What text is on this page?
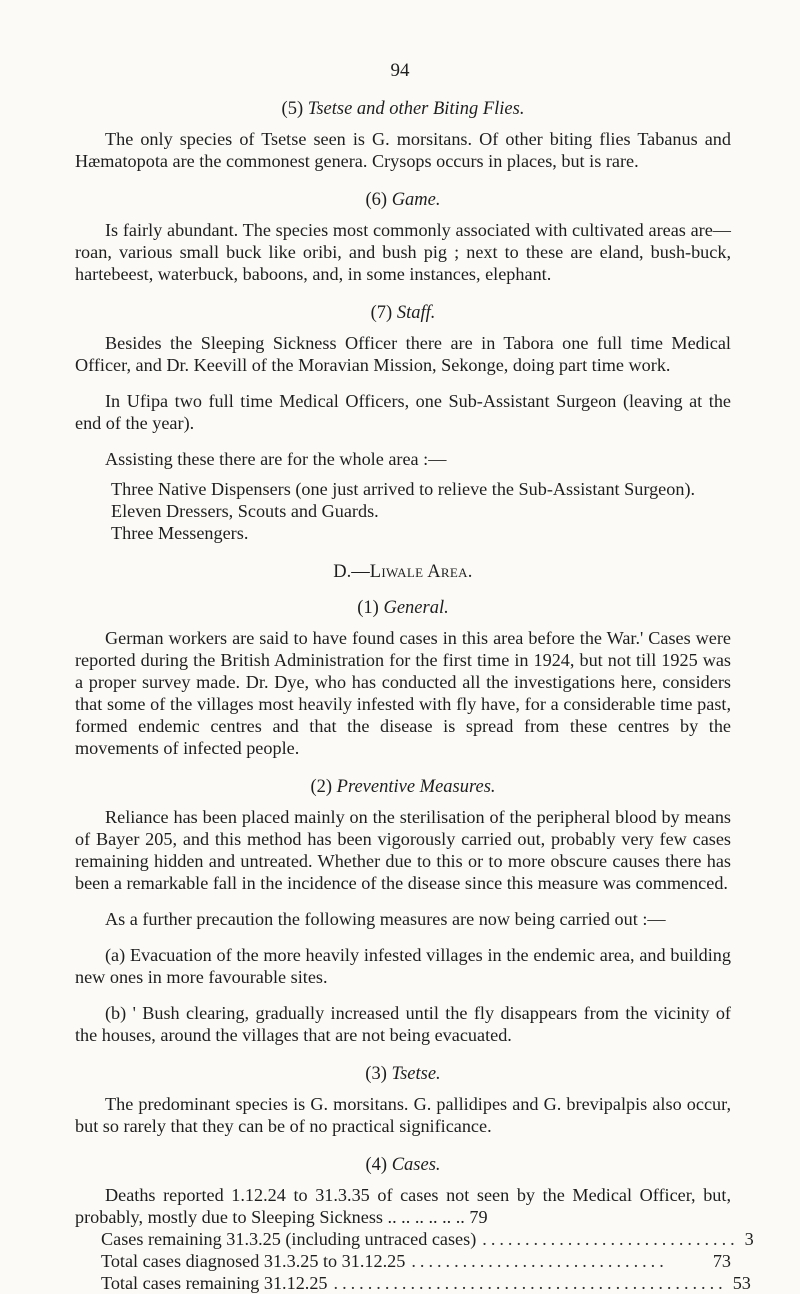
94
(5) Tsetse and other Biting Flies.

The only species of Tsetse seen is G. morsitans. Of other biting flies Tabanus and Hæmatopota are the commonest genera. Crysops occurs in places, but is rare.

(6) Game.

Is fairly abundant. The species most commonly associated with cultivated areas are—roan, various small buck like oribi, and bush pig ; next to these are eland, bush-buck, hartebeest, waterbuck, baboons, and, in some instances, elephant.

(7) Staff.

Besides the Sleeping Sickness Officer there are in Tabora one full time Medical Officer, and Dr. Keevill of the Moravian Mission, Sekonge, doing part time work.

In Ufipa two full time Medical Officers, one Sub-Assistant Surgeon (leaving at the end of the year).

Assisting these there are for the whole area :—

Three Native Dispensers (one just arrived to relieve the Sub-Assistant Surgeon).

Eleven Dressers, Scouts and Guards.

Three Messengers.

D.—Liwale Area.
(1) General.

German workers are said to have found cases in this area before the War.' Cases were reported during the British Administration for the first time in 1924, but not till 1925 was a proper survey made. Dr. Dye, who has conducted all the investigations here, considers that some of the villages most heavily infested with fly have, for a considerable time past, formed endemic centres and that the disease is spread from these centres by the movements of infected people.

(2) Preventive Measures.

Reliance has been placed mainly on the sterilisation of the peripheral blood by means of Bayer 205, and this method has been vigorously carried out, probably very few cases remaining hidden and untreated. Whether due to this or to more obscure causes there has been a remarkable fall in the incidence of the disease since this measure was commenced.

As a further precaution the following measures are now being carried out :—

(a) Evacuation of the more heavily infested villages in the endemic area, and building new ones in more favourable sites.

(b) ' Bush clearing, gradually increased until the fly disappears from the vicinity of the houses, around the villages that are not being evacuated.

(3) Tsetse.

The predominant species is G. morsitans. G. pallidipes and G. brevipalpis also occur, but so rarely that they can be of no practical significance.

(4) Cases.

Deaths reported 1.12.24 to 31.3.35 of cases not seen by the Medical Officer, but, probably, mostly due to Sleeping Sickness .. .. .. .. .. .. 79

Cases remaining 31.3.25 (including untraced cases) .............................. 3
Total cases diagnosed 31.3.25 to 31.12.25 ..............................	73
Total cases remaining 31.12.25 .............................................. 53
